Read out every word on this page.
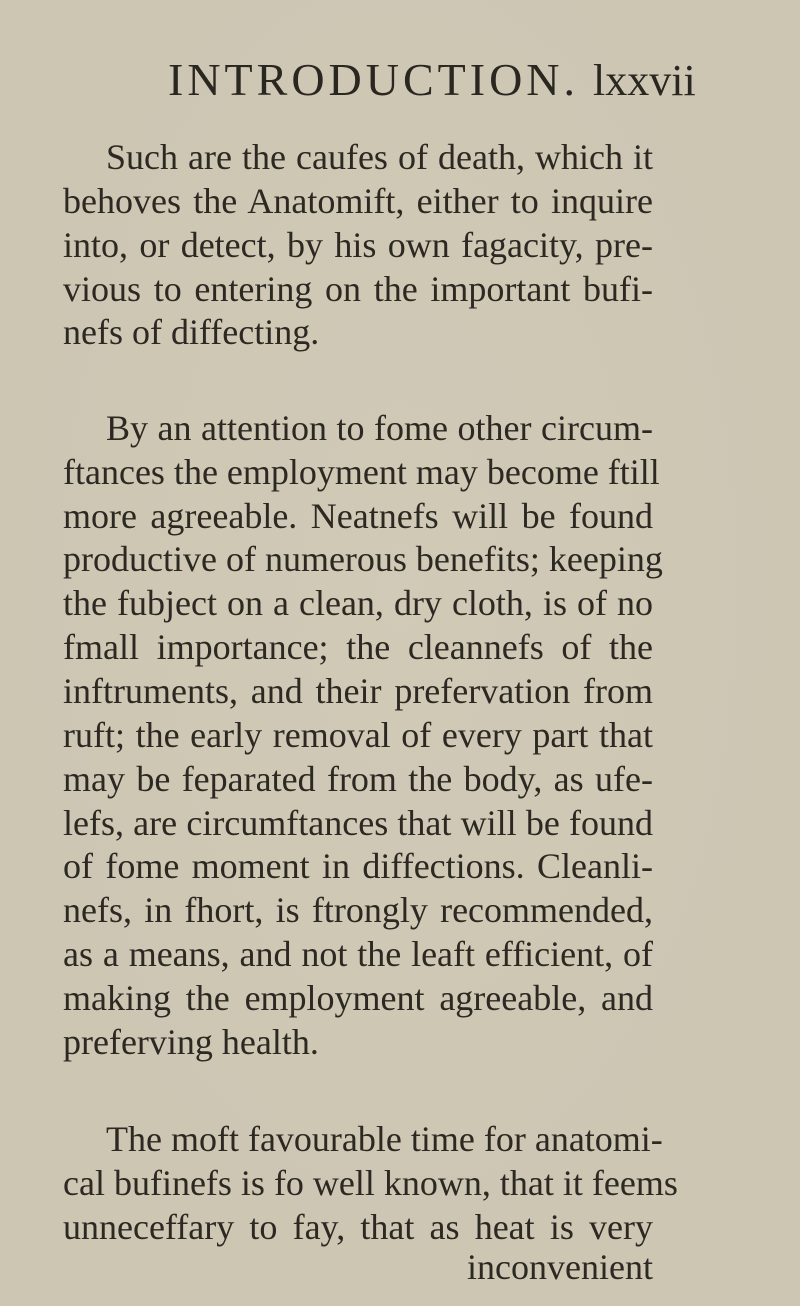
INTRODUCTION. lxxvii
Such are the caufes of death, which it
behoves the Anatomift, either to inquire
into, or detect, by his own fagacity, pre-
vious to entering on the important bufi-
nefs of diffecting.
By an attention to fome other circum-
ftances the employment may become ftill
more agreeable. Neatnefs will be found
productive of numerous benefits; keeping
the fubject on a clean, dry cloth, is of no
fmall importance; the cleannefs of the
inftruments, and their prefervation from
ruft; the early removal of every part that
may be feparated from the body, as ufe-
lefs, are circumftances that will be found
of fome moment in diffections. Cleanli-
nefs, in fhort, is ftrongly recommended,
as a means, and not the leaft efficient, of
making the employment agreeable, and
preferving health.
The moft favourable time for anatomi-
cal bufinefs is fo well known, that it feems
unneceffary to fay, that as heat is very
inconvenient
